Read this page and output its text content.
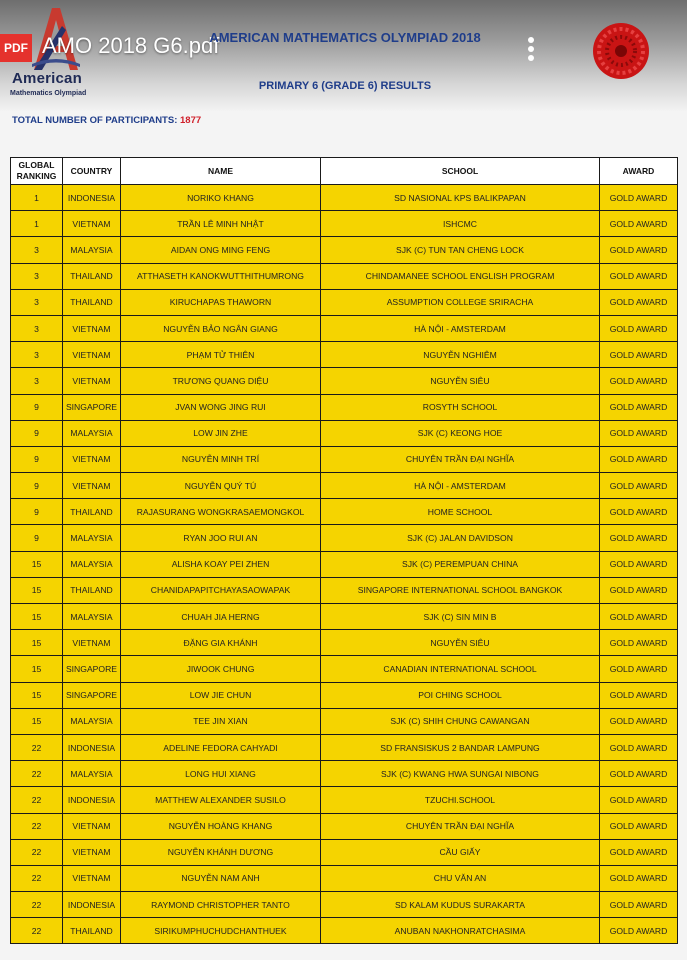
American
Mathematics Olympiad
PDF AMO 2018 G6.pdf
AMERICAN MATHEMATICS OLYMPIAD 2018
PRIMARY 6 (GRADE 6) RESULTS
TOTAL NUMBER OF PARTICIPANTS: 1877
GLOBAL
RANKING	COUNTRY	NAME	SCHOOL	AWARD
1	INDONESIA	NORIKO KHANG	SD NASIONAL KPS BALIKPAPAN	GOLD AWARD
1	VIETNAM	TRẦN LÊ MINH NHẬT	ISHCMC	GOLD AWARD
3	MALAYSIA	AIDAN ONG MING FENG	SJK (C) TUN TAN CHENG LOCK	GOLD AWARD
3	THAILAND	ATTHASETH KANOKWUTTHITHUMRONG	CHINDAMANEE SCHOOL ENGLISH PROGRAM	GOLD AWARD
3	THAILAND	KIRUCHAPAS THAWORN	ASSUMPTION COLLEGE SRIRACHA	GOLD AWARD
3	VIETNAM	NGUYỄN BẢO NGÂN GIANG	HÀ NỘI - AMSTERDAM	GOLD AWARD
3	VIETNAM	PHẠM TỬ THIÊN	NGUYỄN NGHIÊM	GOLD AWARD
3	VIETNAM	TRƯƠNG QUANG DIỆU	NGUYỄN SIÊU	GOLD AWARD
9	SINGAPORE	JVAN WONG JING RUI	ROSYTH SCHOOL	GOLD AWARD
9	MALAYSIA	LOW JIN ZHE	SJK (C) KEONG HOE	GOLD AWARD
9	VIETNAM	NGUYỄN MINH TRÍ	CHUYÊN TRẦN ĐẠI NGHĨA	GOLD AWARD
9	VIETNAM	NGUYỄN QUÝ TÚ	HÀ NỘI - AMSTERDAM	GOLD AWARD
9	THAILAND	RAJASURANG WONGKRASAEMONGKOL	HOME SCHOOL	GOLD AWARD
9	MALAYSIA	RYAN JOO RUI AN	SJK (C) JALAN DAVIDSON	GOLD AWARD
15	MALAYSIA	ALISHA KOAY PEI ZHEN	SJK (C) PEREMPUAN CHINA	GOLD AWARD
15	THAILAND	CHANIDAPAPITCHAYASAOWAPAK	SINGAPORE INTERNATIONAL SCHOOL BANGKOK	GOLD AWARD
15	MALAYSIA	CHUAH JIA HERNG	SJK (C) SIN MIN B	GOLD AWARD
15	VIETNAM	ĐẶNG GIA KHÁNH	NGUYỄN SIÊU	GOLD AWARD
15	SINGAPORE	JIWOOK CHUNG	CANADIAN INTERNATIONAL SCHOOL	GOLD AWARD
15	SINGAPORE	LOW JIE CHUN	POI CHING SCHOOL	GOLD AWARD
15	MALAYSIA	TEE JIN XIAN	SJK (C) SHIH CHUNG CAWANGAN	GOLD AWARD
22	INDONESIA	ADELINE FEDORA CAHYADI	SD FRANSISKUS 2 BANDAR LAMPUNG	GOLD AWARD
22	MALAYSIA	LONG HUI XIANG	SJK (C) KWANG HWA SUNGAI NIBONG	GOLD AWARD
22	INDONESIA	MATTHEW ALEXANDER SUSILO	TZUCHI.SCHOOL	GOLD AWARD
22	VIETNAM	NGUYỄN HOÀNG KHANG	CHUYÊN TRẦN ĐẠI NGHĨA	GOLD AWARD
22	VIETNAM	NGUYỄN KHÁNH DƯƠNG	CẦU GIẤY	GOLD AWARD
22	VIETNAM	NGUYỄN NAM ANH	CHU VĂN AN	GOLD AWARD
22	INDONESIA	RAYMOND CHRISTOPHER TANTO	SD KALAM KUDUS SURAKARTA	GOLD AWARD
22	THAILAND	SIRIKUMPHUCHUDCHANTHUEK	ANUBAN NAKHONRATCHASIMA	GOLD AWARD
